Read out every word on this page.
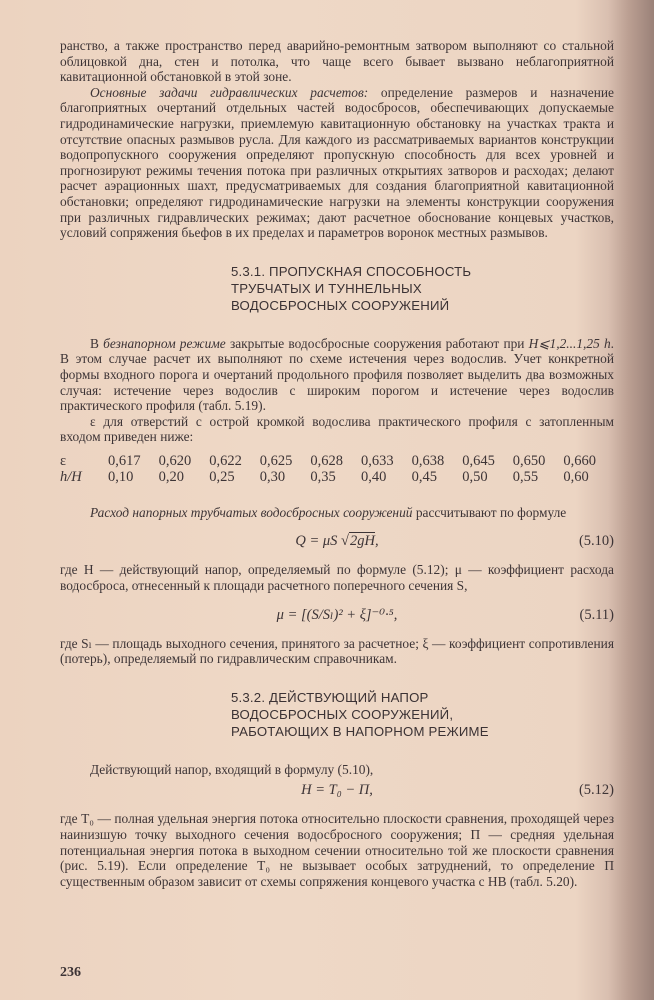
ранство, а также пространство перед аварийно-ремонтным затвором выполняют со стальной облицовкой дна, стен и потолка, что чаще всего бывает вызвано неблагоприятной кавитационной обстановкой в этой зоне.

Основные задачи гидравлических расчетов: определение размеров и назначение благоприятных очертаний отдельных частей водосбросов, обеспечивающих допускаемые гидродинамические нагрузки, приемлемую кавитационную обстановку на участках тракта и отсутствие опасных размывов русла. Для каждого из рассматриваемых вариантов конструкции водопропускного сооружения определяют пропускную способность для всех уровней и прогнозируют режимы течения потока при различных открытиях затворов и расходах; делают расчет аэрационных шахт, предусматриваемых для создания благоприятной кавитационной обстановки; определяют гидродинамические нагрузки на элементы конструкции сооружения при различных гидравлических режимах; дают расчетное обоснование концевых участков, условий сопряжения бьефов в их пределах и параметров воронок местных размывов.

5.3.1. ПРОПУСКНАЯ СПОСОБНОСТЬ
ТРУБЧАТЫХ И ТУННЕЛЬНЫХ
ВОДОСБРОСНЫХ СООРУЖЕНИЙ

В безнапорном режиме закрытые водосбросные сооружения работают при H⩽1,2...1,25 h. В этом случае расчет их выполняют по схеме истечения через водослив. Учет конкретной формы входного порога и очертаний продольного профиля позволяет выделить два возможных случая: истечение через водослив с широким порогом и истечение через водослив практического профиля (табл. 5.19).

ε для отверстий с острой кромкой водослива практического профиля с затопленным входом приведен ниже:

ε	0,617	0,620	0,622	0,625	0,628	0,633	0,638	0,645	0,650	0,660
h/H	0,10	0,20	0,25	0,30	0,35	0,40	0,45	0,50	0,55	0,60

Расход напорных трубчатых водосбросных сооружений рассчитывают по формуле

Q = μS √2gH,	(5.10)

где H — действующий напор, определяемый по формуле (5.12); μ — коэффициент расхода водосброса, отнесенный к площади расчетного поперечного сечения S,

μ = [(S/Sₗ)² + ξ]⁻⁰·⁵,	(5.11)

где Sₗ — площадь выходного сечения, принятого за расчетное; ξ — коэффициент сопротивления (потерь), определяемый по гидравлическим справочникам.

5.3.2. ДЕЙСТВУЮЩИЙ НАПОР
ВОДОСБРОСНЫХ СООРУЖЕНИЙ,
РАБОТАЮЩИХ В НАПОРНОМ РЕЖИМЕ

Действующий напор, входящий в формулу (5.10),

H = T₀ − П,	(5.12)

где T₀ — полная удельная энергия потока относительно плоскости сравнения, проходящей через наинизшую точку выходного сечения водосбросного сооружения; П — средняя удельная потенциальная энергия потока в выходном сечении относительно той же плоскости сравнения (рис. 5.19). Если определение T₀ не вызывает особых затруднений, то определение П существенным образом зависит от схемы сопряжения концевого участка с НВ (табл. 5.20).

236
